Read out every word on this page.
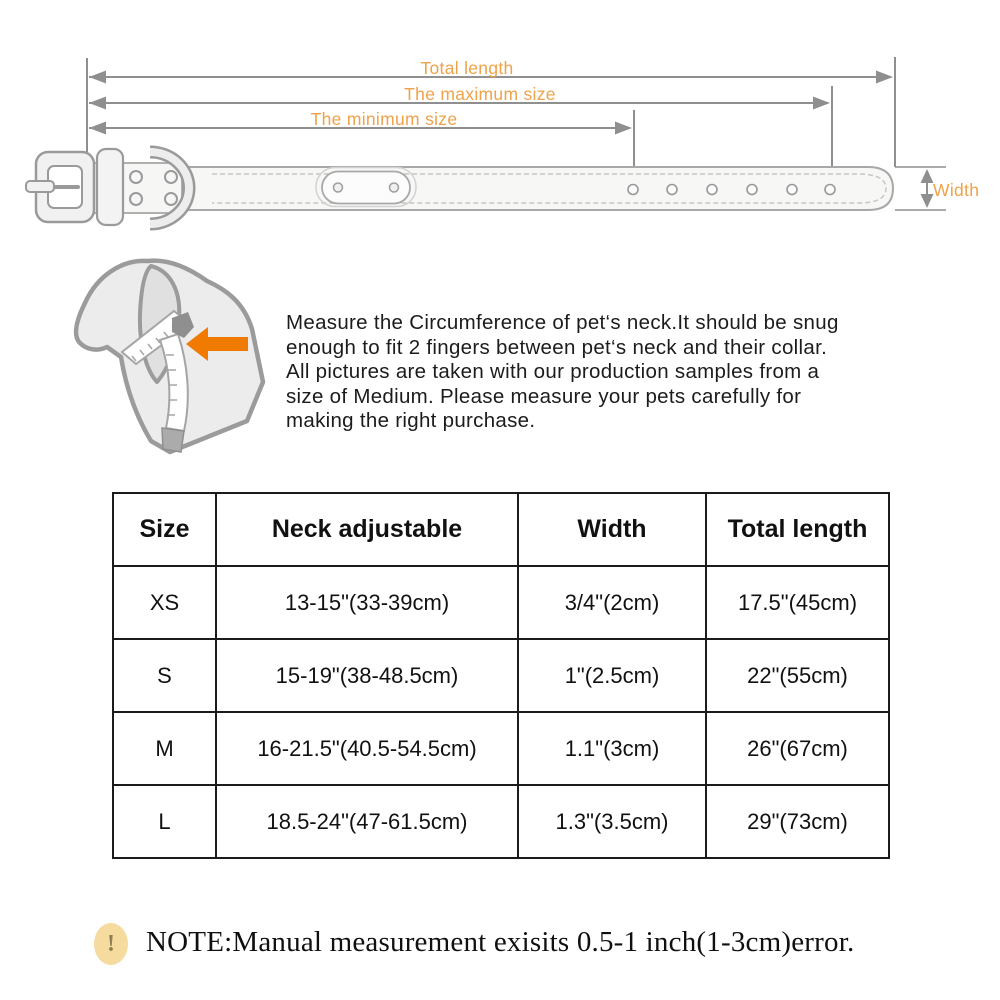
Total length
The maximum size
The minimum size
Width
Measure the Circumference of pet‘s neck.It should be snug
enough to fit 2 fingers between pet‘s neck and their collar.
All pictures are taken with our production samples from a
size of Medium. Please measure your pets carefully for
making the right purchase.
Size	Neck adjustable	Width	Total length
XS	13-15"(33-39cm)	3/4"(2cm)	17.5"(45cm)
S	15-19"(38-48.5cm)	1"(2.5cm)	22"(55cm)
M	16-21.5"(40.5-54.5cm)	1.1"(3cm)	26"(67cm)
L	18.5-24"(47-61.5cm)	1.3"(3.5cm)	29"(73cm)
! NOTE:Manual measurement exisits 0.5-1 inch(1-3cm)error.
